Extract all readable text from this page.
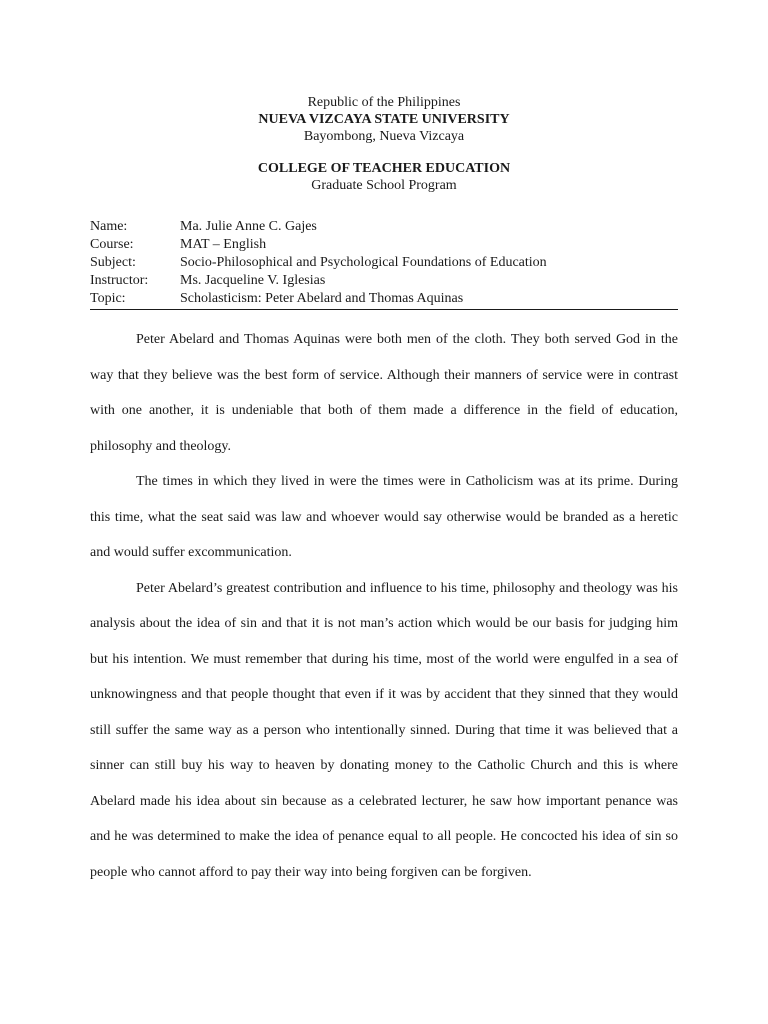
Republic of the Philippines
NUEVA VIZCAYA STATE UNIVERSITY
Bayombong, Nueva Vizcaya
COLLEGE OF TEACHER EDUCATION
Graduate School Program
Name:	Ma. Julie Anne C. Gajes
Course:	MAT – English
Subject:	Socio-Philosophical and Psychological Foundations of Education
Instructor:	Ms. Jacqueline V. Iglesias
Topic:	Scholasticism: Peter Abelard and Thomas Aquinas

Peter Abelard and Thomas Aquinas were both men of the cloth. They both served God in the way that they believe was the best form of service. Although their manners of service were in contrast with one another, it is undeniable that both of them made a difference in the field of education, philosophy and theology.

The times in which they lived in were the times were in Catholicism was at its prime. During this time, what the seat said was law and whoever would say otherwise would be branded as a heretic and would suffer excommunication.

Peter Abelard’s greatest contribution and influence to his time, philosophy and theology was his analysis about the idea of sin and that it is not man’s action which would be our basis for judging him but his intention. We must remember that during his time, most of the world were engulfed in a sea of unknowingness and that people thought that even if it was by accident that they sinned that they would still suffer the same way as a person who intentionally sinned. During that time it was believed that a sinner can still buy his way to heaven by donating money to the Catholic Church and this is where Abelard made his idea about sin because as a celebrated lecturer, he saw how important penance was and he was determined to make the idea of penance equal to all people. He concocted his idea of sin so people who cannot afford to pay their way into being forgiven can be forgiven.
